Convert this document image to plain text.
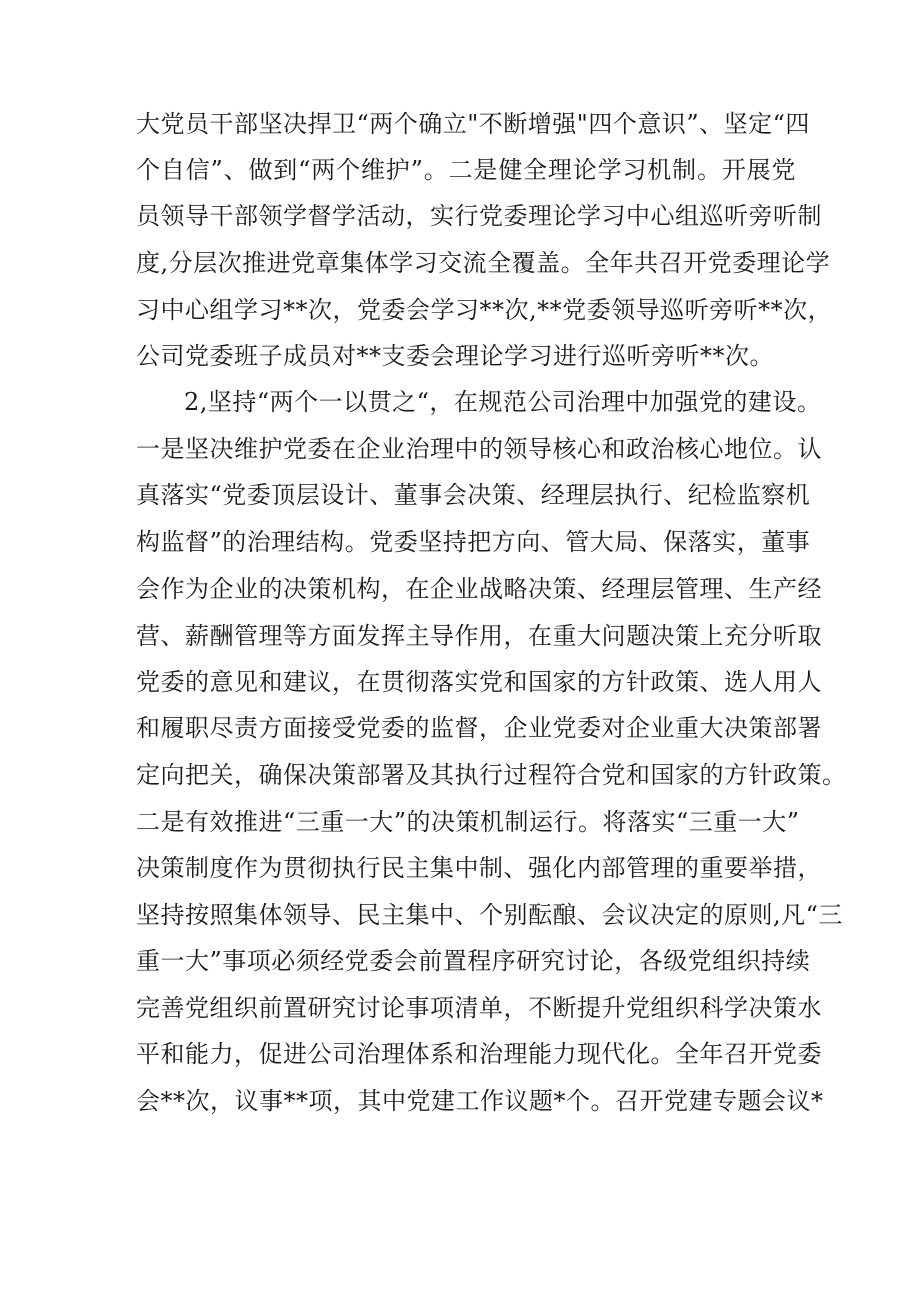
大党员干部坚决捍卫“两个确立"不断增强"四个意识”、坚定“四
个自信”、做到“两个维护”。二是健全理论学习机制。开展党
员领导干部领学督学活动，实行党委理论学习中心组巡听旁听制
度,分层次推进党章集体学习交流全覆盖。全年共召开党委理论学
习中心组学习**次，党委会学习**次,**党委领导巡听旁听**次，
公司党委班子成员对**支委会理论学习进行巡听旁听**次。
2,坚持“两个一以贯之“，在规范公司治理中加强党的建设。
一是坚决维护党委在企业治理中的领导核心和政治核心地位。认
真落实“党委顶层设计、董事会决策、经理层执行、纪检监察机
构监督”的治理结构。党委坚持把方向、管大局、保落实，董事
会作为企业的决策机构，在企业战略决策、经理层管理、生产经
营、薪酬管理等方面发挥主导作用，在重大问题决策上充分听取
党委的意见和建议，在贯彻落实党和国家的方针政策、选人用人
和履职尽责方面接受党委的监督，企业党委对企业重大决策部署
定向把关，确保决策部署及其执行过程符合党和国家的方针政策。
二是有效推进“三重一大”的决策机制运行。将落实“三重一大”
决策制度作为贯彻执行民主集中制、强化内部管理的重要举措，
坚持按照集体领导、民主集中、个别酝酿、会议决定的原则,凡“三
重一大”事项必须经党委会前置程序研究讨论，各级党组织持续
完善党组织前置研究讨论事项清单，不断提升党组织科学决策水
平和能力，促进公司治理体系和治理能力现代化。全年召开党委
会**次，议事**项，其中党建工作议题*个。召开党建专题会议*
